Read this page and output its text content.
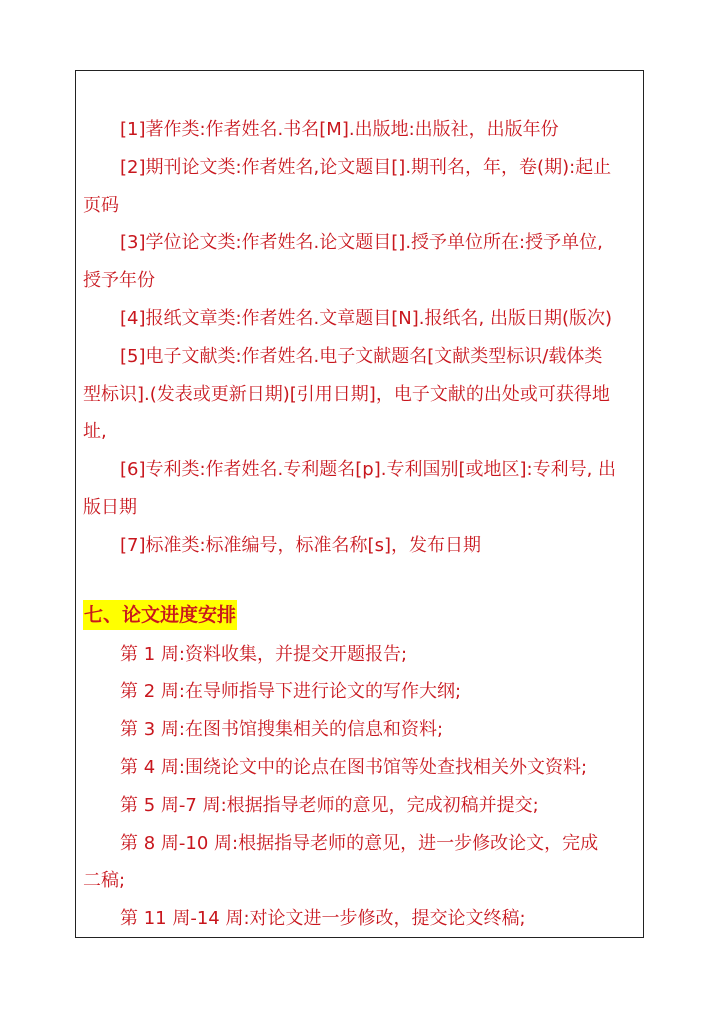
[1]著作类:作者姓名.书名[M].出版地:出版社，出版年份
[2]期刊论文类:作者姓名,论文题目[].期刊名，年，卷(期):起止
页码
[3]学位论文类:作者姓名.论文题目[].授予单位所在:授予单位,
授予年份
[4]报纸文章类:作者姓名.文章题目[N].报纸名, 出版日期(版次)
[5]电子文献类:作者姓名.电子文献题名[文献类型标识/载体类
型标识].(发表或更新日期)[引用日期]，电子文献的出处或可获得地
址,
[6]专利类:作者姓名.专利题名[p].专利国别[或地区]:专利号, 出
版日期
[7]标准类:标准编号，标准名称[s]，发布日期
七、论文进度安排
第 1 周:资料收集，并提交开题报告;
第 2 周:在导师指导下进行论文的写作大纲;
第 3 周:在图书馆搜集相关的信息和资料;
第 4 周:围绕论文中的论点在图书馆等处查找相关外文资料;
第 5 周-7 周:根据指导老师的意见，完成初稿并提交;
第 8 周-10 周:根据指导老师的意见，进一步修改论文，完成
二稿;
第 11 周-14 周:对论文进一步修改，提交论文终稿;
